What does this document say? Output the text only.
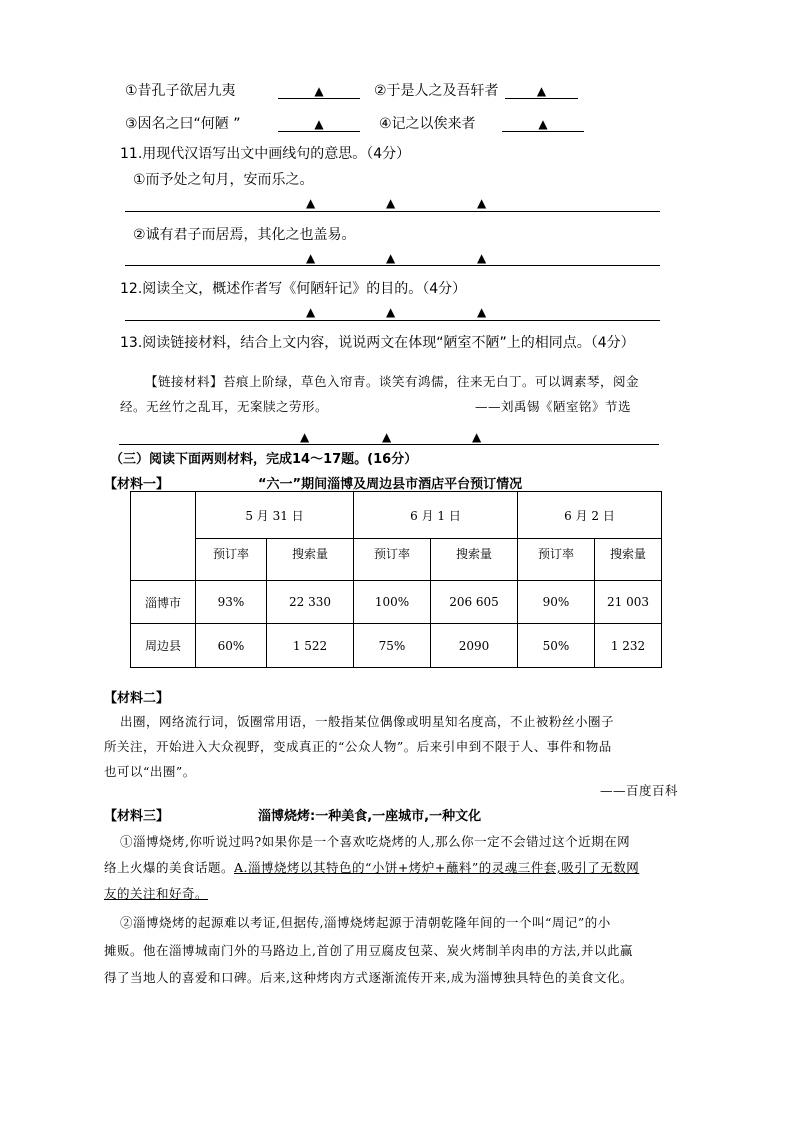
①昔孔子欲居九夷	▲	②于是人之及吾轩者	▲
③因名之曰“何陋 ”	▲	④记之以俟来者	▲
11.用现代汉语写出文中画线句的意思。（4分）
①而予处之旬月，安而乐之。
▲	▲	▲
②诚有君子而居焉，其化之也盖易。
▲	▲	▲
12.阅读全文，概述作者写《何陋轩记》的目的。（4分）
▲	▲	▲
13.阅读链接材料，结合上文内容，说说两文在体现“陋室不陋”上的相同点。（4分）
【链接材料】苔痕上阶绿，草色入帘青。谈笑有鸿儒，往来无白丁。可以调素琴，阅金
经。无丝竹之乱耳，无案牍之劳形。	——刘禹锡《陋室铭》节选
▲	▲	▲
（三）阅读下面两则材料，完成14～17题。(16分）
【材料一】	“六一”期间淄博及周边县市酒店平台预订情况
	5 月 31 日		6 月 1 日		6 月 2 日	
	预订率	搜索量	预订率	搜索量	预订率	搜索量
淄博市	93%	22 330	100%	206 605	90%	21 003
周边县	60%	1 522	75%	2090	50%	1 232
【材料二】
出圈，网络流行词，饭圈常用语，一般指某位偶像或明星知名度高，不止被粉丝小圈子
所关注，开始进入大众视野，变成真正的“公众人物”。后来引申到不限于人、事件和物品
也可以“出圈”。
——百度百科
【材料三】	淄博烧烤:一种美食,一座城市,一种文化
①淄博烧烤,你听说过吗?如果你是一个喜欢吃烧烤的人,那么你一定不会错过这个近期在网
络上火爆的美食话题。A.淄博烧烤以其特色的“小饼+烤炉+蘸料”的灵魂三件套,吸引了无数网
友的关注和好奇。
②淄博烧烤的起源难以考证,但据传,淄博烧烤起源于清朝乾隆年间的一个叫“周记”的小
摊贩。他在淄博城南门外的马路边上,首创了用豆腐皮包菜、炭火烤制羊肉串的方法,并以此赢
得了当地人的喜爱和口碑。后来,这种烤肉方式逐渐流传开来,成为淄博独具特色的美食文化。
